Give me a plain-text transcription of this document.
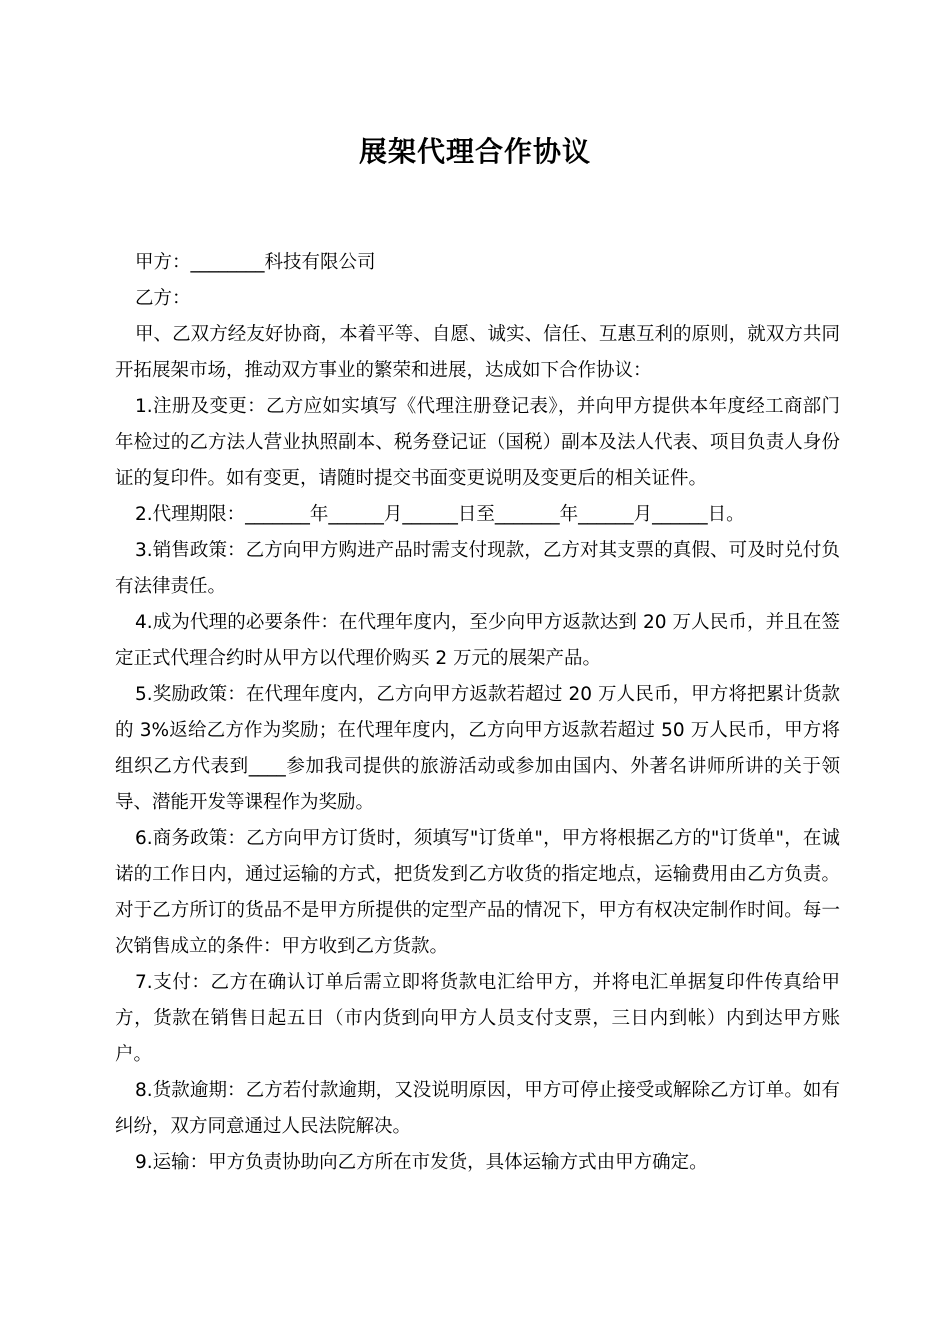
展架代理合作协议

甲方：________科技有限公司

乙方：

甲、乙双方经友好协商，本着平等、自愿、诚实、信任、互惠互利的原则，就双方共同开拓展架市场，推动双方事业的繁荣和进展，达成如下合作协议：

1.注册及变更：乙方应如实填写《代理注册登记表》，并向甲方提供本年度经工商部门年检过的乙方法人营业执照副本、税务登记证（国税）副本及法人代表、项目负责人身份证的复印件。如有变更，请随时提交书面变更说明及变更后的相关证件。

2.代理期限：_______年______月______日至_______年______月______日。

3.销售政策：乙方向甲方购进产品时需支付现款，乙方对其支票的真假、可及时兑付负有法律责任。

4.成为代理的必要条件：在代理年度内，至少向甲方返款达到 20 万人民币，并且在签定正式代理合约时从甲方以代理价购买 2 万元的展架产品。

5.奖励政策：在代理年度内，乙方向甲方返款若超过 20 万人民币，甲方将把累计货款的 3%返给乙方作为奖励；在代理年度内，乙方向甲方返款若超过 50 万人民币，甲方将组织乙方代表到____参加我司提供的旅游活动或参加由国内、外著名讲师所讲的关于领导、潜能开发等课程作为奖励。

6.商务政策：乙方向甲方订货时，须填写"订货单"，甲方将根据乙方的"订货单"，在诚诺的工作日内，通过运输的方式，把货发到乙方收货的指定地点，运输费用由乙方负责。对于乙方所订的货品不是甲方所提供的定型产品的情况下，甲方有权决定制作时间。每一次销售成立的条件：甲方收到乙方货款。

7.支付：乙方在确认订单后需立即将货款电汇给甲方，并将电汇单据复印件传真给甲方，货款在销售日起五日（市内货到向甲方人员支付支票，三日内到帐）内到达甲方账户。

8.货款逾期：乙方若付款逾期，又没说明原因，甲方可停止接受或解除乙方订单。如有纠纷，双方同意通过人民法院解决。

9.运输：甲方负责协助向乙方所在市发货，具体运输方式由甲方确定。
